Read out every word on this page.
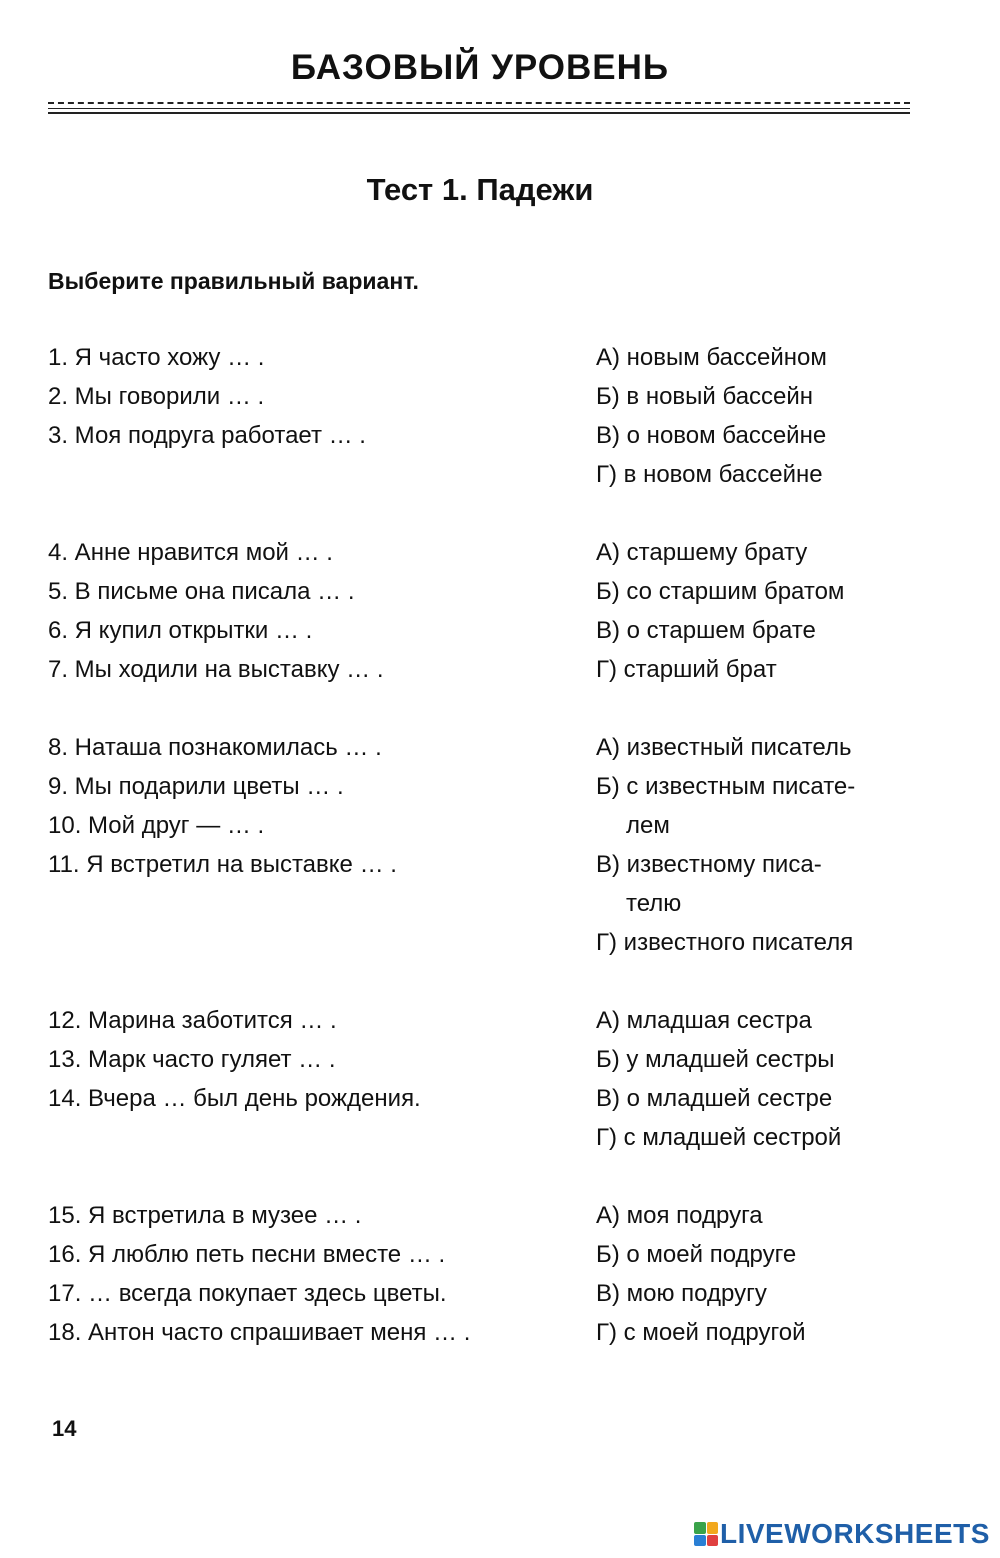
БАЗОВЫЙ УРОВЕНЬ
Тест 1. Падежи
Выберите правильный вариант.
1. Я часто хожу … .
2. Мы говорили … .
3. Моя подруга работает … .
А) новым бассейном
Б) в новый бассейн
В) о новом бассейне
Г) в новом бассейне
4. Анне нравится мой … .
5. В письме она писала … .
6. Я купил открытки … .
7. Мы ходили на выставку … .
А) старшему брату
Б) со старшим братом
В) о старшем брате
Г) старший брат
8. Наташа познакомилась … .
9. Мы подарили цветы … .
10. Мой друг — … .
11. Я встретил на выставке … .
А) известный писатель
Б) с известным писате-
лем
В) известному писа-
телю
Г) известного писателя
12. Марина заботится … .
13. Марк часто гуляет … .
14. Вчера … был день рождения.
А) младшая сестра
Б) у младшей сестры
В) о младшей сестре
Г) с младшей сестрой
15. Я встретила в музее … .
16. Я люблю петь песни вместе … .
17. … всегда покупает здесь цветы.
18. Антон часто спрашивает меня … .
А) моя подруга
Б) о моей подруге
В) мою подругу
Г) с моей подругой
14
LIVEWORKSHEETS
